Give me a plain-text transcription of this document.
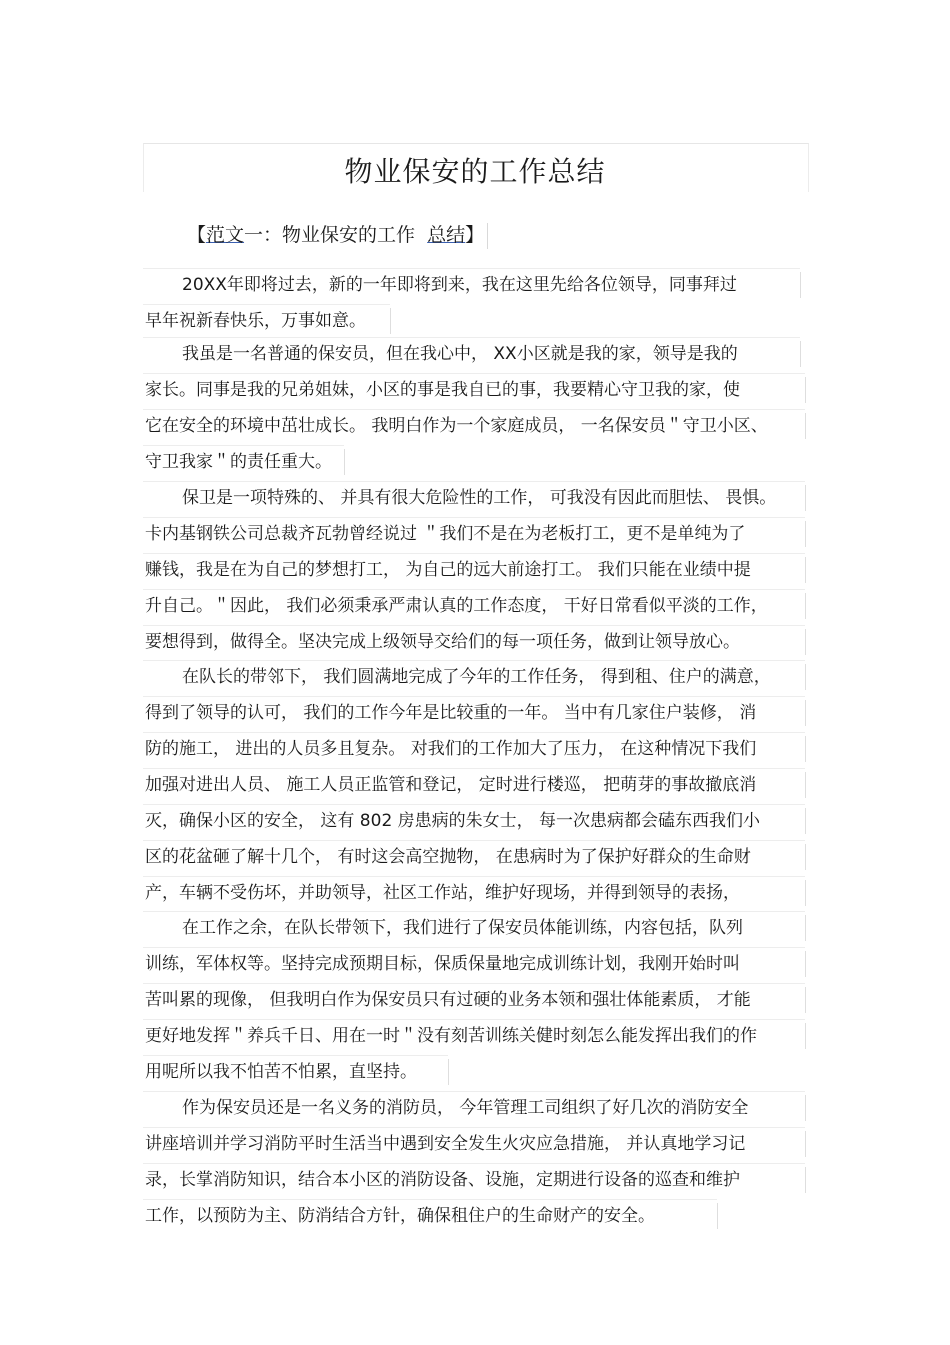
物业保安的工作总结
【范文一：物业保安的工作 总结】
20XX年即将过去，新的一年即将到来，我在这里先给各位领导，同事拜过
早年祝新春快乐，万事如意。
我虽是一名普通的保安员，但在我心中， XX小区就是我的家，领导是我的
家长。同事是我的兄弟姐妹，小区的事是我自已的事，我要精心守卫我的家，使
它在安全的环境中茁壮成长。 我明白作为一个家庭成员， 一名保安员＂守卫小区、
守卫我家＂的责任重大。
保卫是一项特殊的、 并具有很大危险性的工作， 可我没有因此而胆怯、 畏惧。
卡内基钢铁公司总裁齐瓦勃曾经说过 ＂我们不是在为老板打工，更不是单纯为了
赚钱，我是在为自己的梦想打工， 为自己的远大前途打工。 我们只能在业绩中提
升自己。＂因此， 我们必须秉承严肃认真的工作态度， 干好日常看似平淡的工作，
要想得到，做得全。坚决完成上级领导交给们的每一项任务，做到让领导放心。
在队长的带邻下， 我们圆满地完成了今年的工作任务， 得到租、住户的满意，
得到了领导的认可， 我们的工作今年是比较重的一年。 当中有几家住户装修， 消
防的施工， 进出的人员多且复杂。 对我们的工作加大了压力， 在这种情况下我们
加强对进出人员、 施工人员正监管和登记， 定时进行楼巡， 把萌芽的事故撤底消
灭，确保小区的安全， 这有 802 房患病的朱女士， 每一次患病都会磕东西我们小
区的花盆砸了解十几个， 有时这会高空抛物， 在患病时为了保护好群众的生命财
产，车辆不受伤坏，并助领导，社区工作站，维护好现场，并得到领导的表扬，
在工作之余，在队长带领下，我们进行了保安员体能训练，内容包括，队列
训练，军体权等。坚持完成预期目标，保质保量地完成训练计划，我刚开始时叫
苦叫累的现像， 但我明白作为保安员只有过硬的业务本领和强壮体能素质， 才能
更好地发挥＂养兵千日、用在一时＂没有刻苦训练关健时刻怎么能发挥出我们的作
用呢所以我不怕苦不怕累，直坚持。
作为保安员还是一名义务的消防员， 今年管理工司组织了好几次的消防安全
讲座培训并学习消防平时生活当中遇到安全发生火灾应急措施， 并认真地学习记
录，长掌消防知识，结合本小区的消防设备、设施，定期进行设备的巡查和维护
工作，以预防为主、防消结合方针，确保租住户的生命财产的安全。
